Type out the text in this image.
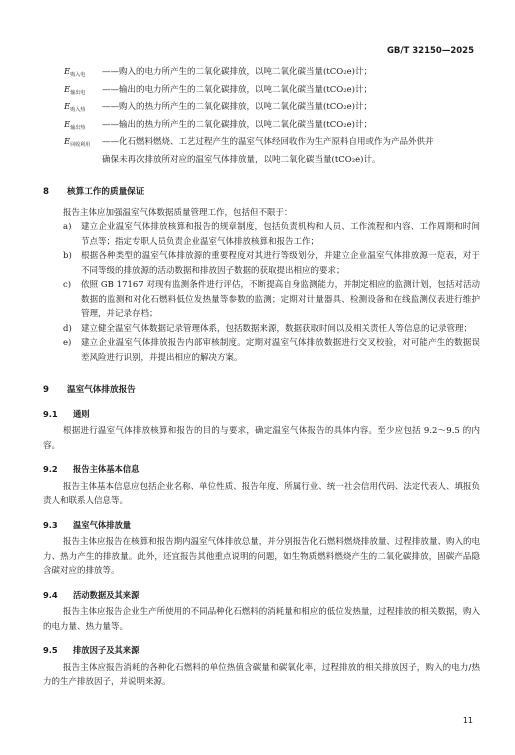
GB/T 32150—2025
$E_{购入电}$	——购入的电力所产生的二氧化碳排放，以吨二氧化碳当量(tCO₂e)计；
$E_{输出电}$	——输出的电力所产生的二氧化碳排放，以吨二氧化碳当量(tCO₂e)计；
$E_{购入热}$	——购入的热力所产生的二氧化碳排放，以吨二氧化碳当量(tCO₂e)计；
$E_{输出热}$	——输出的热力所产生的二氧化碳排放，以吨二氧化碳当量(tCO₂e)计；
$E_{回收利用}$	——化石燃料燃烧、工艺过程产生的温室气体经回收作为生产原料自用或作为产品外供并
确保未再次排放所对应的温室气体排放量，以吨二氧化碳当量(tCO₂e)计。
8 核算工作的质量保证
报告主体应加强温室气体数据质量管理工作，包括但不限于：
a)	建立企业温室气体排放核算和报告的规章制度，包括负责机构和人员、工作流程和内容、工作周期和时间节点等；指定专职人员负责企业温室气体排放核算和报告工作；
b)	根据各种类型的温室气体排放源的重要程度对其进行等级划分，并建立企业温室气体排放源一览表，对于不同等级的排放源的活动数据和排放因子数据的获取提出相应的要求；
c)	依照 GB 17167 对现有监测条件进行评估，不断提高自身监测能力，并制定相应的监测计划，包括对活动数据的监测和对化石燃料低位发热量等参数的监测；定期对计量器具、检测设备和在线监测仪表进行维护管理，并记录存档；
d)	建立健全温室气体数据记录管理体系，包括数据来源，数据获取时间以及相关责任人等信息的记录管理；
e)	建立企业温室气体排放报告内部审核制度。定期对温室气体排放数据进行交叉校验，对可能产生的数据误差风险进行识别，并提出相应的解决方案。
9 温室气体排放报告
9.1 通则
根据进行温室气体排放核算和报告的目的与要求，确定温室气体报告的具体内容。至少应包括 9.2～9.5 的内容。
9.2 报告主体基本信息
报告主体基本信息应包括企业名称、单位性质、报告年度、所属行业、统一社会信用代码、法定代表人、填报负责人和联系人信息等。
9.3 温室气体排放量
报告主体应报告在核算和报告期内温室气体排放总量，并分别报告化石燃料燃烧排放量、过程排放量、购入的电力、热力产生的排放量。此外，还宜报告其他重点说明的问题，如生物质燃料燃烧产生的二氧化碳排放，固碳产品隐含碳对应的排放等。
9.4 活动数据及其来源
报告主体应报告企业生产所使用的不同品种化石燃料的消耗量和相应的低位发热量，过程排放的相关数据，购入的电力量、热力量等。
9.5 排放因子及其来源
报告主体应报告消耗的各种化石燃料的单位热值含碳量和碳氧化率，过程排放的相关排放因子，购入的电力/热力的生产排放因子，并说明来源。
11
